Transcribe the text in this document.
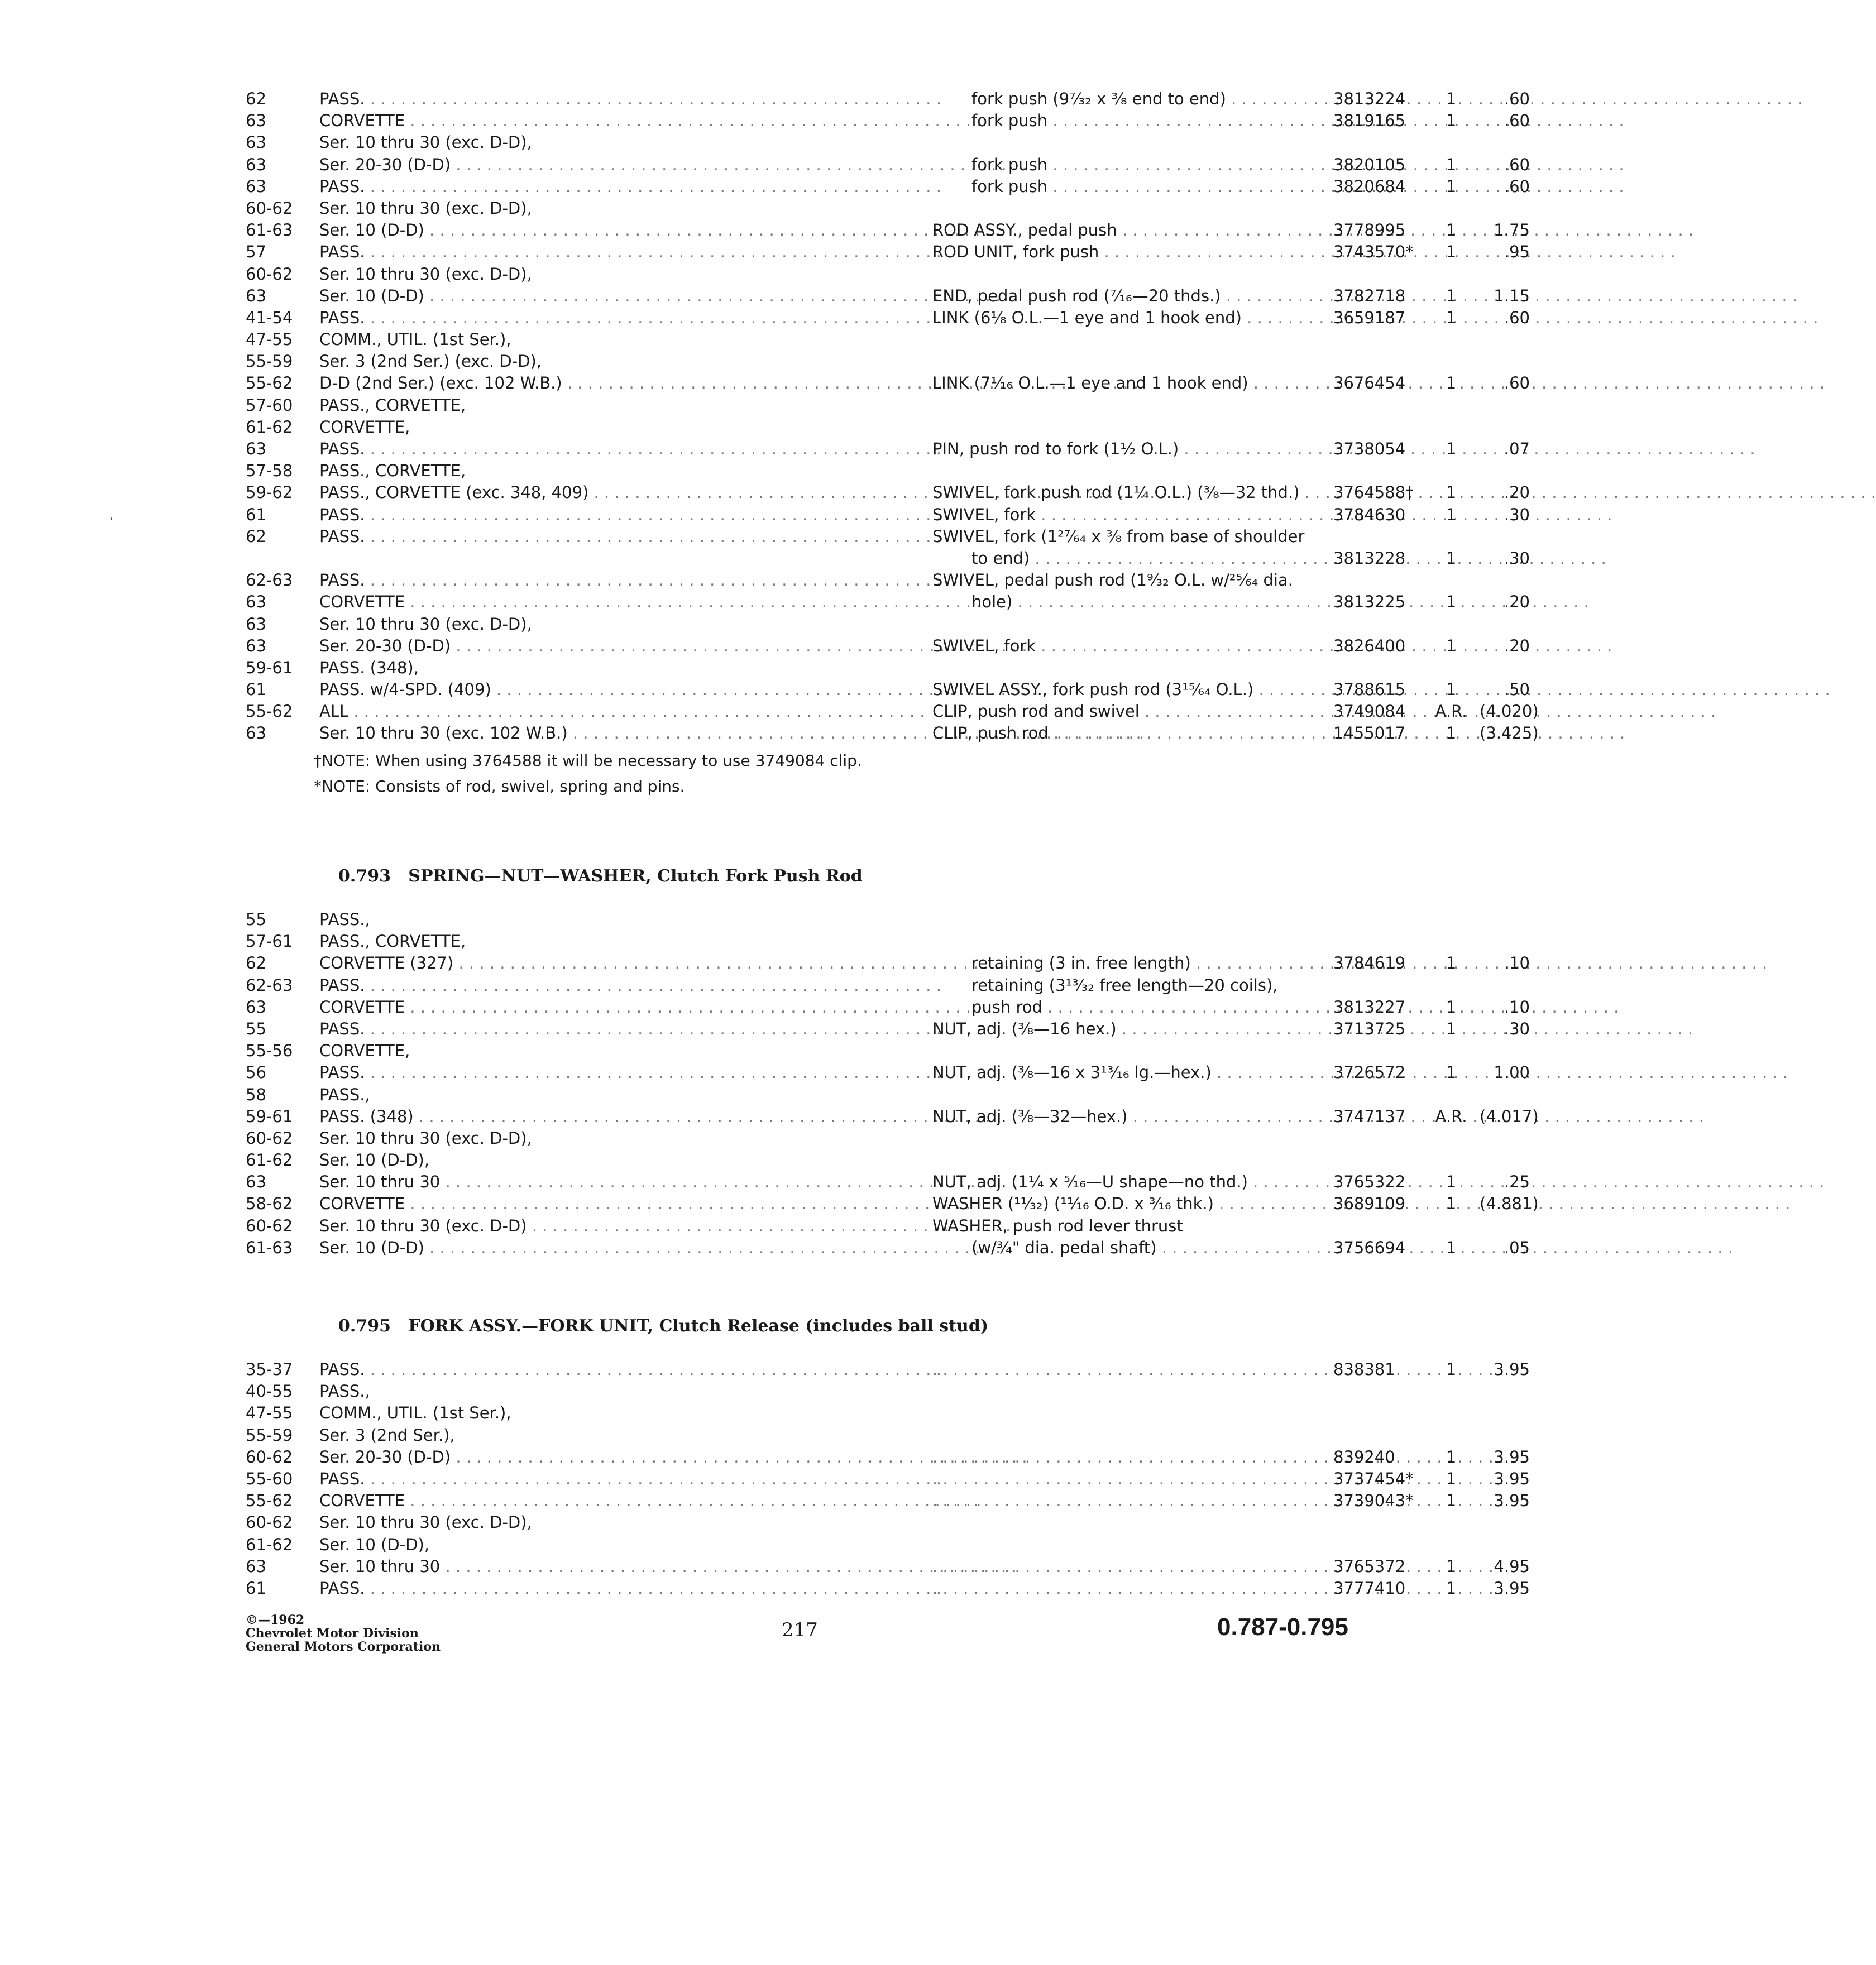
62	PASS. . . .	fork push (9⁷⁄₃₂ x ³⁄₈ end to end) . . .	3813224	1	.60
63	CORVETTE . . .	fork push . . .	3819165	1	.60
63	Ser. 10 thru 30 (exc. D-D),
63	Ser. 20-30 (D-D) . . .	fork push . . .	3820105	1	.60
63	PASS. . . .	fork push . . .	3820684	1	.60
60-62 Ser. 10 thru 30 (exc. D-D),
61-63 Ser. 10 (D-D) . . .	ROD ASSY., pedal push . . .	3778995	1	1.75
57	PASS. . . .	ROD UNIT, fork push . . .	3743570*	1	.95
60-62 Ser. 10 thru 30 (exc. D-D),
63	Ser. 10 (D-D) . . .	END, pedal push rod (⁷⁄₁₆—20 thds.) . . .	3782718	1	1.15
41-54 PASS. . . .	LINK (6¹⁄₈ O.L.—1 eye and 1 hook end) . . .	3659187	1	.60
47-55 COMM., UTIL. (1st Ser.),
55-59 Ser. 3 (2nd Ser.) (exc. D-D),
55-62 D-D (2nd Ser.) (exc. 102 W.B.) . . .	LINK (7¹⁄₁₆ O.L.—1 eye and 1 hook end) . . .	3676454	1	.60
57-60 PASS., CORVETTE,
61-62 CORVETTE,
63	PASS. . . .	PIN, push rod to fork (1¹⁄₂ O.L.) . . .	3738054	1	.07
57-58 PASS., CORVETTE,
59-62 PASS., CORVETTE (exc. 348, 409) . . .	SWIVEL, fork push rod (1¹⁄₄ O.L.) (³⁄₈—32 thd.) . . .	3764588†	1	.20
61	PASS. . . .	SWIVEL, fork . . .	3784630	1	.30
62	PASS. . . .	SWIVEL, fork (1²⁷⁄₆₄ x ³⁄₈ from base of shoulder
to end) . . .	3813228	1	.30
62-63 PASS. . . .	SWIVEL, pedal push rod (1⁹⁄₃₂ O.L. w/²⁵⁄₆₄ dia.
63	CORVETTE . . .	hole) . . .	3813225	1	.20
63	Ser. 10 thru 30 (exc. D-D),
63	Ser. 20-30 (D-D) . . .	SWIVEL, fork . . .	3826400	1	.20
59-61 PASS. (348),
61	PASS. w/4-SPD. (409) . . .	SWIVEL ASSY., fork push rod (3¹⁵⁄₆₄ O.L.) . . .	3788615	1	.50
55-62 ALL . . .	CLIP, push rod and swivel . . .	3749084 A.R. (4.020)
63	Ser. 10 thru 30 (exc. 102 W.B.) . . .	CLIP, push rod . . .	1455017	1	(3.425)
†NOTE: When using 3764588 it will be necessary to use 3749084 clip.
*NOTE: Consists of rod, swivel, spring and pins.
0.793 SPRING—NUT—WASHER, Clutch Fork Push Rod
55	PASS.,
57-61 PASS., CORVETTE,
62	CORVETTE (327) . . .	retaining (3 in. free length) . . .	3784619	1	.10
62-63 PASS. . . .	retaining (3¹³⁄₃₂ free length—20 coils),
63	CORVETTE . . .	push rod . . .	3813227	1	.10
55	PASS. . . .	NUT, adj. (³⁄₈—16 hex.) . . .	3713725	1	.30
55-56 CORVETTE,
56	PASS. . . .	NUT, adj. (⅜—16 x 3¹³⁄₁₆ lg.—hex.) . . .	3726572	1	1.00
58	PASS.,
59-61 PASS. (348) . . .	NUT, adj. (⅜—32—hex.) . . .	3747137 A.R. (4.017)
60-62 Ser. 10 thru 30 (exc. D-D),
61-62 Ser. 10 (D-D),
63	Ser. 10 thru 30 . . .	NUT, adj. (1¹⁄₄ x ⁵⁄₁₆—U shape—no thd.) . . .	3765322	1	.25
58-62 CORVETTE . . .	WASHER (¹¹⁄₃₂) (¹¹⁄₁₆ O.D. x ³⁄₁₆ thk.) . . .	3689109	1	(4.881)
60-62 Ser. 10 thru 30 (exc. D-D) . . .	WASHER, push rod lever thrust
61-63 Ser. 10 (D-D) . . .	(w/¾" dia. pedal shaft) . . .	3756694	1	.05
0.795 FORK ASSY.—FORK UNIT, Clutch Release (includes ball stud)
35-37 PASS. . . . . . .	838381	1	3.95
40-55 PASS.,
47-55 COMM., UTIL. (1st Ser.),
55-59 Ser. 3 (2nd Ser.),
60-62 Ser. 20-30 (D-D) . . . . . .	839240	1	3.95
55-60 PASS. . . . . . .	3737454*	1	3.95
55-62 CORVETTE . . . . . .	3739043*	1	3.95
60-62 Ser. 10 thru 30 (exc. D-D),
61-62 Ser. 10 (D-D),
63	Ser. 10 thru 30 . . . . . .	3765372	1	4.95
61	PASS. . . . . . .	3777410	1	3.95
‘
©—1962
Chevrolet Motor Division
General Motors Corporation
217	0.787-0.795
